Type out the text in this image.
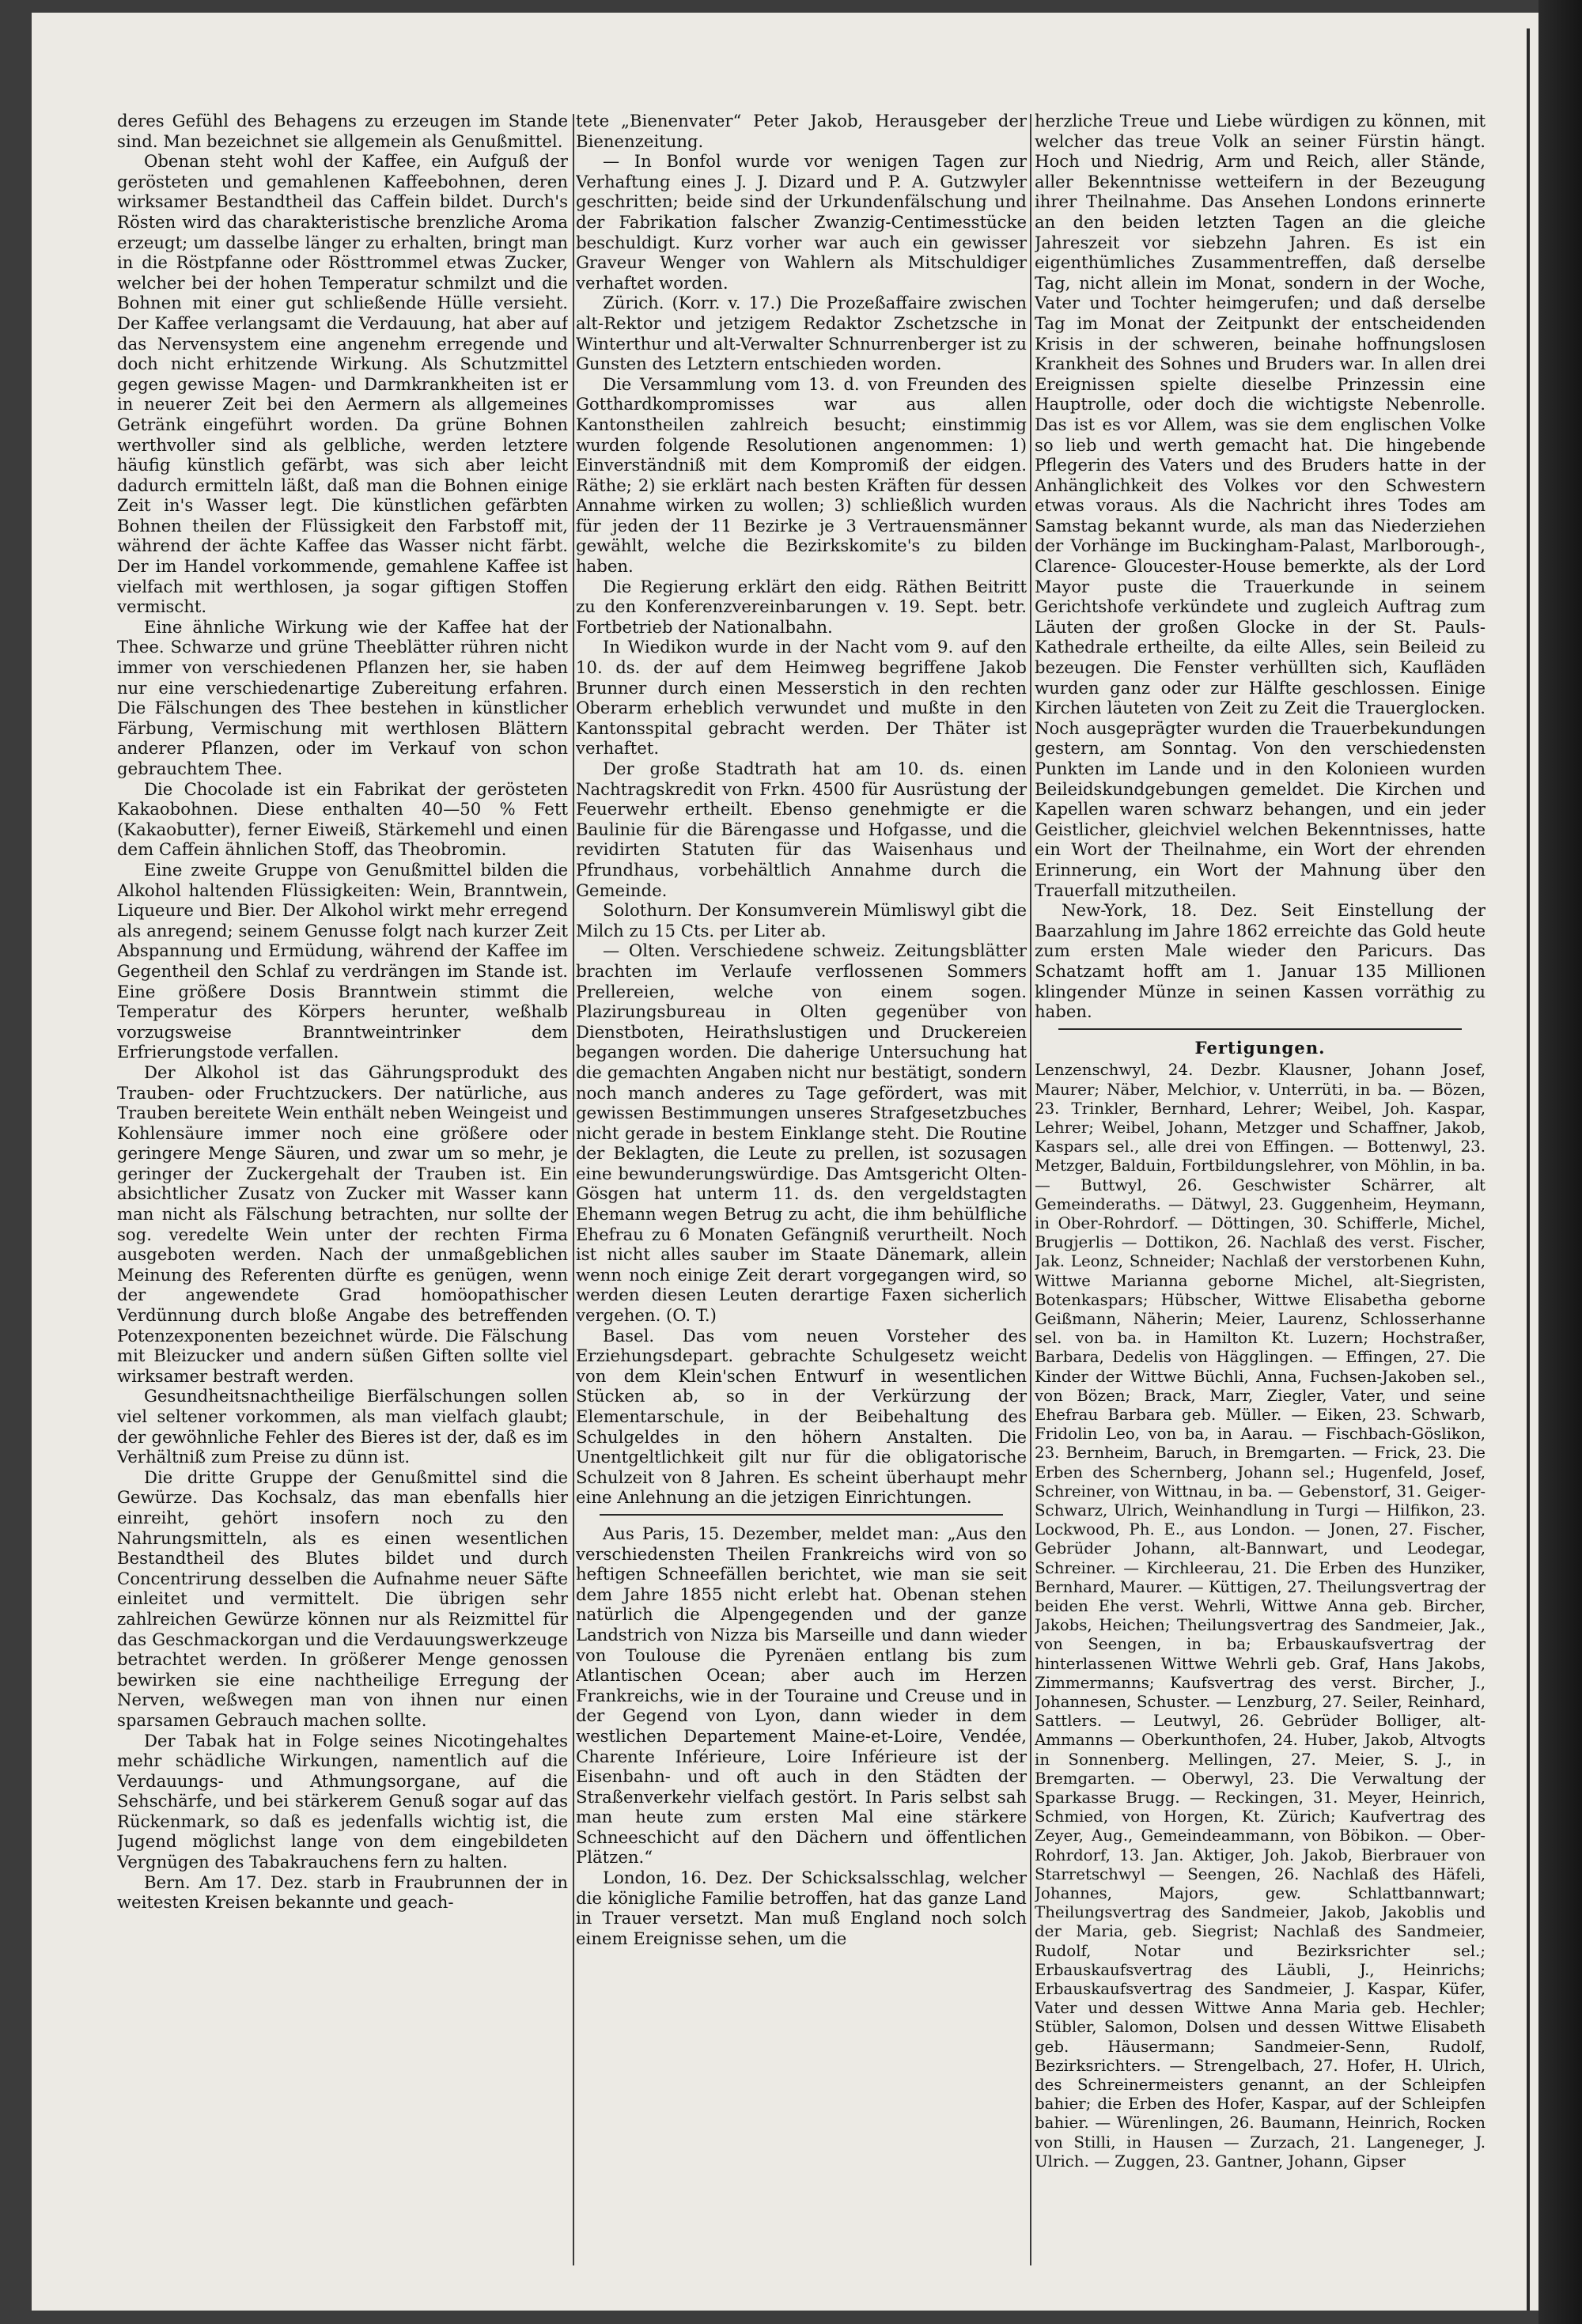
deres Gefühl des Behagens zu erzeugen im Stande sind. Man bezeichnet sie allgemein als Genußmittel.

Obenan steht wohl der Kaffee, ein Aufguß der gerösteten und gemahlenen Kaffeebohnen, deren wirksamer Bestandtheil das Caffein bildet. Durch's Rösten wird das charakteristische brenzliche Aroma erzeugt; um dasselbe länger zu erhalten, bringt man in die Röstpfanne oder Rösttrommel etwas Zucker, welcher bei der hohen Temperatur schmilzt und die Bohnen mit einer gut schließende Hülle versieht. Der Kaffee verlangsamt die Verdauung, hat aber auf das Nervensystem eine angenehm erregende und doch nicht erhitzende Wirkung. Als Schutzmittel gegen gewisse Magen- und Darmkrankheiten ist er in neuerer Zeit bei den Aermern als allgemeines Getränk eingeführt worden. Da grüne Bohnen werthvoller sind als gelbliche, werden letztere häufig künstlich gefärbt, was sich aber leicht dadurch ermitteln läßt, daß man die Bohnen einige Zeit in's Wasser legt. Die künstlichen gefärbten Bohnen theilen der Flüssigkeit den Farbstoff mit, während der ächte Kaffee das Wasser nicht färbt. Der im Handel vorkommende, gemahlene Kaffee ist vielfach mit werthlosen, ja sogar giftigen Stoffen vermischt.

Eine ähnliche Wirkung wie der Kaffee hat der Thee. Schwarze und grüne Theeblätter rühren nicht immer von verschiedenen Pflanzen her, sie haben nur eine verschiedenartige Zubereitung erfahren. Die Fälschungen des Thee bestehen in künstlicher Färbung, Vermischung mit werthlosen Blättern anderer Pflanzen, oder im Verkauf von schon gebrauchtem Thee.

Die Chocolade ist ein Fabrikat der gerösteten Kakaobohnen. Diese enthalten 40—50 % Fett (Kakaobutter), ferner Eiweiß, Stärkemehl und einen dem Caffein ähnlichen Stoff, das Theobromin.

Eine zweite Gruppe von Genußmittel bilden die Alkohol haltenden Flüssigkeiten: Wein, Branntwein, Liqueure und Bier. Der Alkohol wirkt mehr erregend als anregend; seinem Genusse folgt nach kurzer Zeit Abspannung und Ermüdung, während der Kaffee im Gegentheil den Schlaf zu verdrängen im Stande ist. Eine größere Dosis Branntwein stimmt die Temperatur des Körpers herunter, weßhalb vorzugsweise Branntweintrinker dem Erfrierungstode verfallen.

Der Alkohol ist das Gährungsprodukt des Trauben- oder Fruchtzuckers. Der natürliche, aus Trauben bereitete Wein enthält neben Weingeist und Kohlensäure immer noch eine größere oder geringere Menge Säuren, und zwar um so mehr, je geringer der Zuckergehalt der Trauben ist. Ein absichtlicher Zusatz von Zucker mit Wasser kann man nicht als Fälschung betrachten, nur sollte der sog. veredelte Wein unter der rechten Firma ausgeboten werden. Nach der unmaßgeblichen Meinung des Referenten dürfte es genügen, wenn der angewendete Grad homöopathischer Verdünnung durch bloße Angabe des betreffenden Potenzexponenten bezeichnet würde. Die Fälschung mit Bleizucker und andern süßen Giften sollte viel wirksamer bestraft werden.

Gesundheitsnachtheilige Bierfälschungen sollen viel seltener vorkommen, als man vielfach glaubt; der gewöhnliche Fehler des Bieres ist der, daß es im Verhältniß zum Preise zu dünn ist.

Die dritte Gruppe der Genußmittel sind die Gewürze. Das Kochsalz, das man ebenfalls hier einreiht, gehört insofern noch zu den Nahrungsmitteln, als es einen wesentlichen Bestandtheil des Blutes bildet und durch Concentrirung desselben die Aufnahme neuer Säfte einleitet und vermittelt. Die übrigen sehr zahlreichen Gewürze können nur als Reizmittel für das Geschmackorgan und die Verdauungswerkzeuge betrachtet werden. In größerer Menge genossen bewirken sie eine nachtheilige Erregung der Nerven, weßwegen man von ihnen nur einen sparsamen Gebrauch machen sollte.

Der Tabak hat in Folge seines Nicotingehaltes mehr schädliche Wirkungen, namentlich auf die Verdauungs- und Athmungsorgane, auf die Sehschärfe, und bei stärkerem Genuß sogar auf das Rückenmark, so daß es jedenfalls wichtig ist, die Jugend möglichst lange von dem eingebildeten Vergnügen des Tabakrauchens fern zu halten.

Bern. Am 17. Dez. starb in Fraubrunnen der in weitesten Kreisen bekannte und geach-

tete „Bienenvater“ Peter Jakob, Herausgeber der Bienenzeitung.

— In Bonfol wurde vor wenigen Tagen zur Verhaftung eines J. J. Dizard und P. A. Gutzwyler geschritten; beide sind der Urkundenfälschung und der Fabrikation falscher Zwanzig-Centimesstücke beschuldigt. Kurz vorher war auch ein gewisser Graveur Wenger von Wahlern als Mitschuldiger verhaftet worden.

Zürich. (Korr. v. 17.) Die Prozeßaffaire zwischen alt-Rektor und jetzigem Redaktor Zschetzsche in Winterthur und alt-Verwalter Schnurrenberger ist zu Gunsten des Letztern entschieden worden.

Die Versammlung vom 13. d. von Freunden des Gotthardkompromisses war aus allen Kantonstheilen zahlreich besucht; einstimmig wurden folgende Resolutionen angenommen: 1) Einverständniß mit dem Kompromiß der eidgen. Räthe; 2) sie erklärt nach besten Kräften für dessen Annahme wirken zu wollen; 3) schließlich wurden für jeden der 11 Bezirke je 3 Vertrauensmänner gewählt, welche die Bezirkskomite's zu bilden haben.

Die Regierung erklärt den eidg. Räthen Beitritt zu den Konferenzvereinbarungen v. 19. Sept. betr. Fortbetrieb der Nationalbahn.

In Wiedikon wurde in der Nacht vom 9. auf den 10. ds. der auf dem Heimweg begriffene Jakob Brunner durch einen Messerstich in den rechten Oberarm erheblich verwundet und mußte in den Kantonsspital gebracht werden. Der Thäter ist verhaftet.

Der große Stadtrath hat am 10. ds. einen Nachtragskredit von Frkn. 4500 für Ausrüstung der Feuerwehr ertheilt. Ebenso genehmigte er die Baulinie für die Bärengasse und Hofgasse, und die revidirten Statuten für das Waisenhaus und Pfrundhaus, vorbehältlich Annahme durch die Gemeinde.

Solothurn. Der Konsumverein Mümliswyl gibt die Milch zu 15 Cts. per Liter ab.

— Olten. Verschiedene schweiz. Zeitungsblätter brachten im Verlaufe verflossenen Sommers Prellereien, welche von einem sogen. Plazirungsbureau in Olten gegenüber von Dienstboten, Heirathslustigen und Druckereien begangen worden. Die daherige Untersuchung hat die gemachten Angaben nicht nur bestätigt, sondern noch manch anderes zu Tage gefördert, was mit gewissen Bestimmungen unseres Strafgesetzbuches nicht gerade in bestem Einklange steht. Die Routine der Beklagten, die Leute zu prellen, ist sozusagen eine bewunderungswürdige. Das Amtsgericht Olten-Gösgen hat unterm 11. ds. den vergeldstagten Ehemann wegen Betrug zu acht, die ihm behülfliche Ehefrau zu 6 Monaten Gefängniß verurtheilt. Noch ist nicht alles sauber im Staate Dänemark, allein wenn noch einige Zeit derart vorgegangen wird, so werden diesen Leuten derartige Faxen sicherlich vergehen. (O. T.)

Basel. Das vom neuen Vorsteher des Erziehungsdepart. gebrachte Schulgesetz weicht von dem Klein'schen Entwurf in wesentlichen Stücken ab, so in der Verkürzung der Elementarschule, in der Beibehaltung des Schulgeldes in den höhern Anstalten. Die Unentgeltlichkeit gilt nur für die obligatorische Schulzeit von 8 Jahren. Es scheint überhaupt mehr eine Anlehnung an die jetzigen Einrichtungen.

Aus Paris, 15. Dezember, meldet man: „Aus den verschiedensten Theilen Frankreichs wird von so heftigen Schneefällen berichtet, wie man sie seit dem Jahre 1855 nicht erlebt hat. Obenan stehen natürlich die Alpengegenden und der ganze Landstrich von Nizza bis Marseille und dann wieder von Toulouse die Pyrenäen entlang bis zum Atlantischen Ocean; aber auch im Herzen Frankreichs, wie in der Touraine und Creuse und in der Gegend von Lyon, dann wieder in dem westlichen Departement Maine-et-Loire, Vendée, Charente Inférieure, Loire Inférieure ist der Eisenbahn- und oft auch in den Städten der Straßenverkehr vielfach gestört. In Paris selbst sah man heute zum ersten Mal eine stärkere Schneeschicht auf den Dächern und öffentlichen Plätzen.“

London, 16. Dez. Der Schicksalsschlag, welcher die königliche Familie betroffen, hat das ganze Land in Trauer versetzt. Man muß England noch solch einem Ereignisse sehen, um die

herzliche Treue und Liebe würdigen zu können, mit welcher das treue Volk an seiner Fürstin hängt. Hoch und Niedrig, Arm und Reich, aller Stände, aller Bekenntnisse wetteifern in der Bezeugung ihrer Theilnahme. Das Ansehen Londons erinnerte an den beiden letzten Tagen an die gleiche Jahreszeit vor siebzehn Jahren. Es ist ein eigenthümliches Zusammentreffen, daß derselbe Tag, nicht allein im Monat, sondern in der Woche, Vater und Tochter heimgerufen; und daß derselbe Tag im Monat der Zeitpunkt der entscheidenden Krisis in der schweren, beinahe hoffnungslosen Krankheit des Sohnes und Bruders war. In allen drei Ereignissen spielte dieselbe Prinzessin eine Hauptrolle, oder doch die wichtigste Nebenrolle. Das ist es vor Allem, was sie dem englischen Volke so lieb und werth gemacht hat. Die hingebende Pflegerin des Vaters und des Bruders hatte in der Anhänglichkeit des Volkes vor den Schwestern etwas voraus. Als die Nachricht ihres Todes am Samstag bekannt wurde, als man das Niederziehen der Vorhänge im Buckingham-Palast, Marlborough-, Clarence- Gloucester-House bemerkte, als der Lord Mayor puste die Trauerkunde in seinem Gerichtshofe verkündete und zugleich Auftrag zum Läuten der großen Glocke in der St. Pauls-Kathedrale ertheilte, da eilte Alles, sein Beileid zu bezeugen. Die Fenster verhüllten sich, Kaufläden wurden ganz oder zur Hälfte geschlossen. Einige Kirchen läuteten von Zeit zu Zeit die Trauerglocken. Noch ausgeprägter wurden die Trauerbekundungen gestern, am Sonntag. Von den verschiedensten Punkten im Lande und in den Kolonieen wurden Beileidskundgebungen gemeldet. Die Kirchen und Kapellen waren schwarz behangen, und ein jeder Geistlicher, gleichviel welchen Bekenntnisses, hatte ein Wort der Theilnahme, ein Wort der ehrenden Erinnerung, ein Wort der Mahnung über den Trauerfall mitzutheilen.

New-York, 18. Dez. Seit Einstellung der Baarzahlung im Jahre 1862 erreichte das Gold heute zum ersten Male wieder den Paricurs. Das Schatzamt hofft am 1. Januar 135 Millionen klingender Münze in seinen Kassen vorräthig zu haben.

Fertigungen.

Lenzenschwyl, 24. Dezbr. Klausner, Johann Josef, Maurer; Näber, Melchior, v. Unterrüti, in ba. — Bözen, 23. Trinkler, Bernhard, Lehrer; Weibel, Joh. Kaspar, Lehrer; Weibel, Johann, Metzger und Schaffner, Jakob, Kaspars sel., alle drei von Effingen. — Bottenwyl, 23. Metzger, Balduin, Fortbildungslehrer, von Möhlin, in ba. — Buttwyl, 26. Geschwister Schärrer, alt Gemeinderaths. — Dätwyl, 23. Guggenheim, Heymann, in Ober-Rohrdorf. — Döttingen, 30. Schifferle, Michel, Brugjerlis — Dottikon, 26. Nachlaß des verst. Fischer, Jak. Leonz, Schneider; Nachlaß der verstorbenen Kuhn, Wittwe Marianna geborne Michel, alt-Siegristen, Botenkaspars; Hübscher, Wittwe Elisabetha geborne Geißmann, Näherin; Meier, Laurenz, Schlosserhanne sel. von ba. in Hamilton Kt. Luzern; Hochstraßer, Barbara, Dedelis von Hägglingen. — Effingen, 27. Die Kinder der Wittwe Büchli, Anna, Fuchsen-Jakoben sel., von Bözen; Brack, Marr, Ziegler, Vater, und seine Ehefrau Barbara geb. Müller. — Eiken, 23. Schwarb, Fridolin Leo, von ba, in Aarau. — Fischbach-Göslikon, 23. Bernheim, Baruch, in Bremgarten. — Frick, 23. Die Erben des Schernberg, Johann sel.; Hugenfeld, Josef, Schreiner, von Wittnau, in ba. — Gebenstorf, 31. Geiger-Schwarz, Ulrich, Weinhandlung in Turgi — Hilfikon, 23. Lockwood, Ph. E., aus London. — Jonen, 27. Fischer, Gebrüder Johann, alt-Bannwart, und Leodegar, Schreiner. — Kirchleerau, 21. Die Erben des Hunziker, Bernhard, Maurer. — Küttigen, 27. Theilungsvertrag der beiden Ehe verst. Wehrli, Wittwe Anna geb. Bircher, Jakobs, Heichen; Theilungsvertrag des Sandmeier, Jak., von Seengen, in ba; Erbauskaufsvertrag der hinterlassenen Wittwe Wehrli geb. Graf, Hans Jakobs, Zimmermanns; Kaufsvertrag des verst. Bircher, J., Johannesen, Schuster. — Lenzburg, 27. Seiler, Reinhard, Sattlers. — Leutwyl, 26. Gebrüder Bolliger, alt-Ammanns — Oberkunthofen, 24. Huber, Jakob, Altvogts in Sonnenberg. Mellingen, 27. Meier, S. J., in Bremgarten. — Oberwyl, 23. Die Verwaltung der Sparkasse Brugg. — Reckingen, 31. Meyer, Heinrich, Schmied, von Horgen, Kt. Zürich; Kaufvertrag des Zeyer, Aug., Gemeindeammann, von Böbikon. — Ober-Rohrdorf, 13. Jan. Aktiger, Joh. Jakob, Bierbrauer von Starretschwyl — Seengen, 26. Nachlaß des Häfeli, Johannes, Majors, gew. Schlattbannwart; Theilungsvertrag des Sandmeier, Jakob, Jakoblis und der Maria, geb. Siegrist; Nachlaß des Sandmeier, Rudolf, Notar und Bezirksrichter sel.; Erbauskaufsvertrag des Läubli, J., Heinrichs; Erbauskaufsvertrag des Sandmeier, J. Kaspar, Küfer, Vater und dessen Wittwe Anna Maria geb. Hechler; Stübler, Salomon, Dolsen und dessen Wittwe Elisabeth geb. Häusermann; Sandmeier-Senn, Rudolf, Bezirksrichters. — Strengelbach, 27. Hofer, H. Ulrich, des Schreinermeisters genannt, an der Schleipfen bahier; die Erben des Hofer, Kaspar, auf der Schleipfen bahier. — Würenlingen, 26. Baumann, Heinrich, Rocken von Stilli, in Hausen — Zurzach, 21. Langeneger, J. Ulrich. — Zuggen, 23. Gantner, Johann, Gipser
